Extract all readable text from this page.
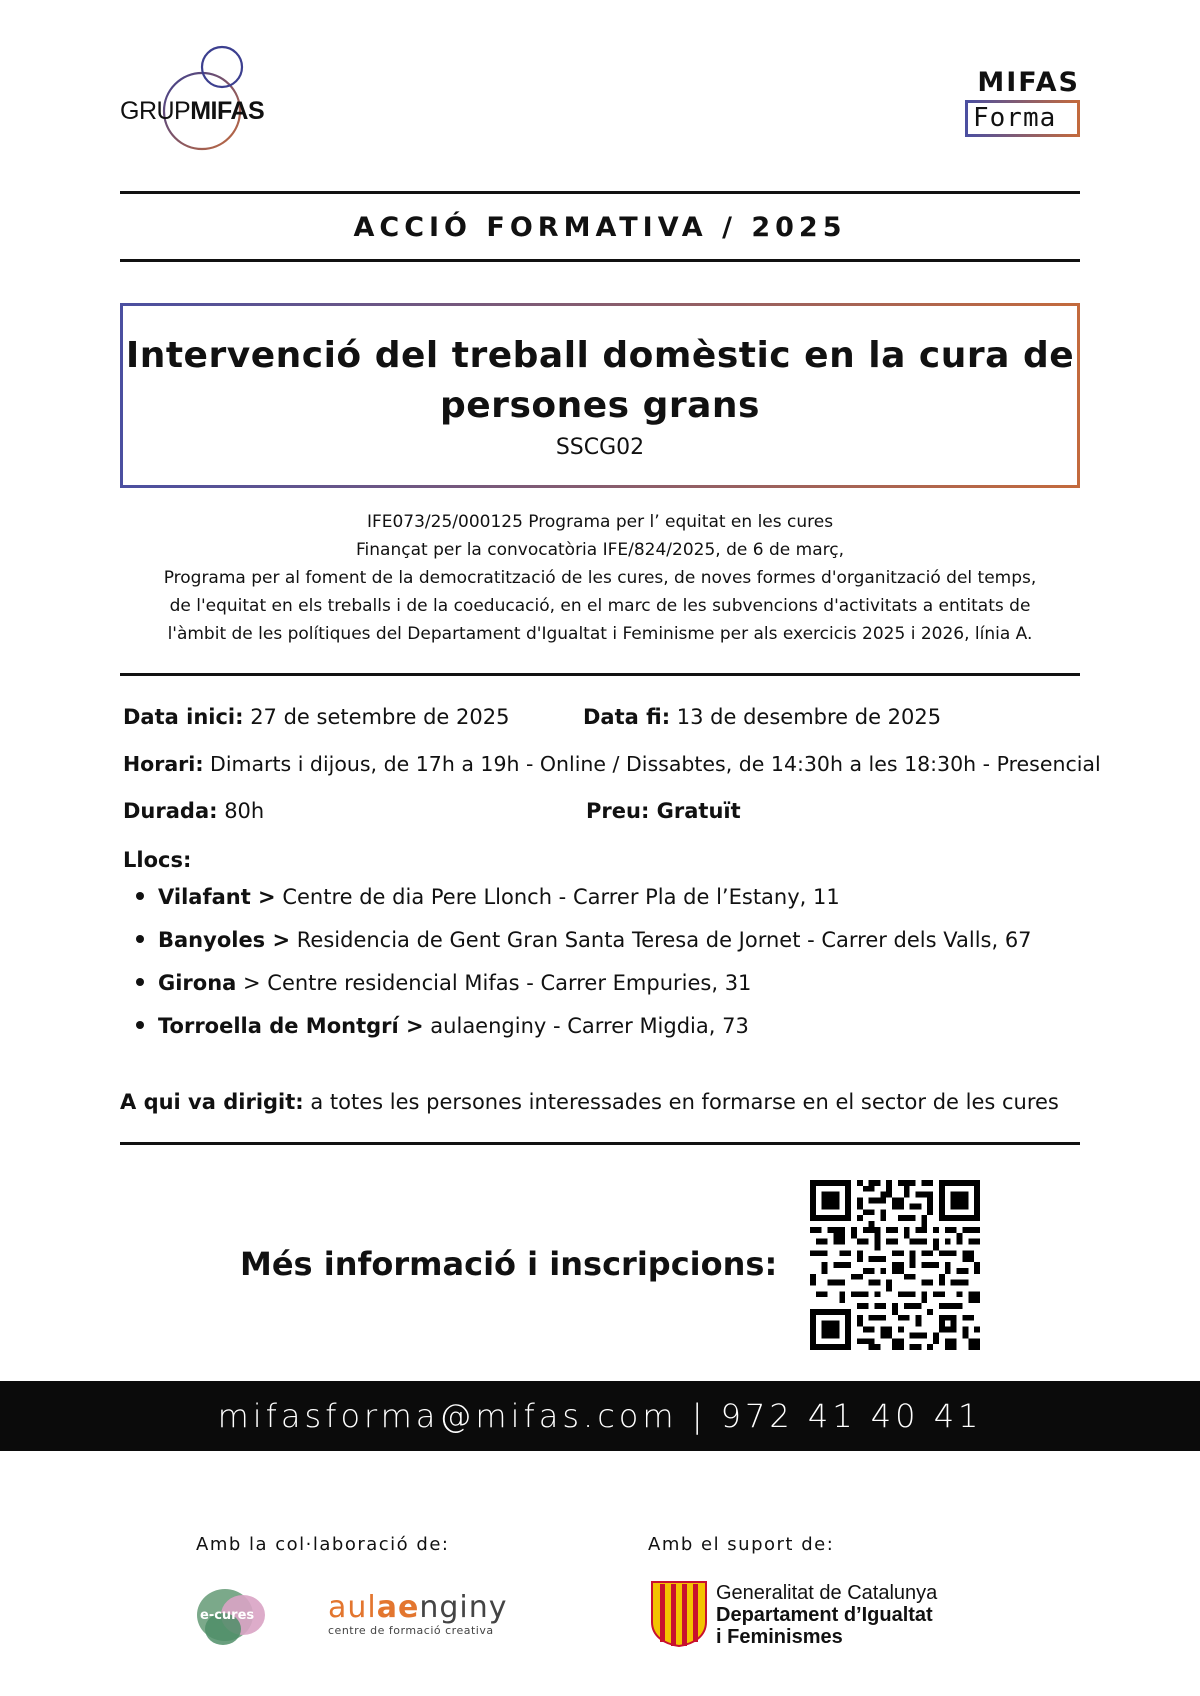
GRUPMIFAS
MIFAS
Forma
ACCIÓ FORMATIVA / 2025
Intervenció del treball domèstic en la cura de persones grans
SSCG02
IFE073/25/000125 Programa per l’ equitat en les cures
Finançat per la convocatòria IFE/824/2025, de 6 de març,
Programa per al foment de la democratització de les cures, de noves formes d'organització del temps,
de l'equitat en els treballs i de la coeducació, en el marc de les subvencions d'activitats a entitats de
l'àmbit de les polítiques del Departament d'Igualtat i Feminisme per als exercicis 2025 i 2026, línia A.
Data inici: 27 de setembre de 2025	Data fi: 13 de desembre de 2025
Horari: Dimarts i dijous, de 17h a 19h - Online / Dissabtes, de 14:30h a les 18:30h - Presencial
Durada: 80h	Preu: Gratuït
Llocs:
Vilafant > Centre de dia Pere Llonch - Carrer Pla de l’Estany, 11
Banyoles > Residencia de Gent Gran Santa Teresa de Jornet - Carrer dels Valls, 67
Girona > Centre residencial Mifas - Carrer Empuries, 31
Torroella de Montgrí > aulaenginy - Carrer Migdia, 73
A qui va dirigit: a totes les persones interessades en formarse en el sector de les cures
Més informació i inscripcions:
mifasforma@mifas.com | 972 41 40 41
Amb la col·laboració de:	Amb el suport de:
e-cures aulaenginy
centre de formació creativa
Generalitat de Catalunya
Departament d’Igualtat
i Feminismes
